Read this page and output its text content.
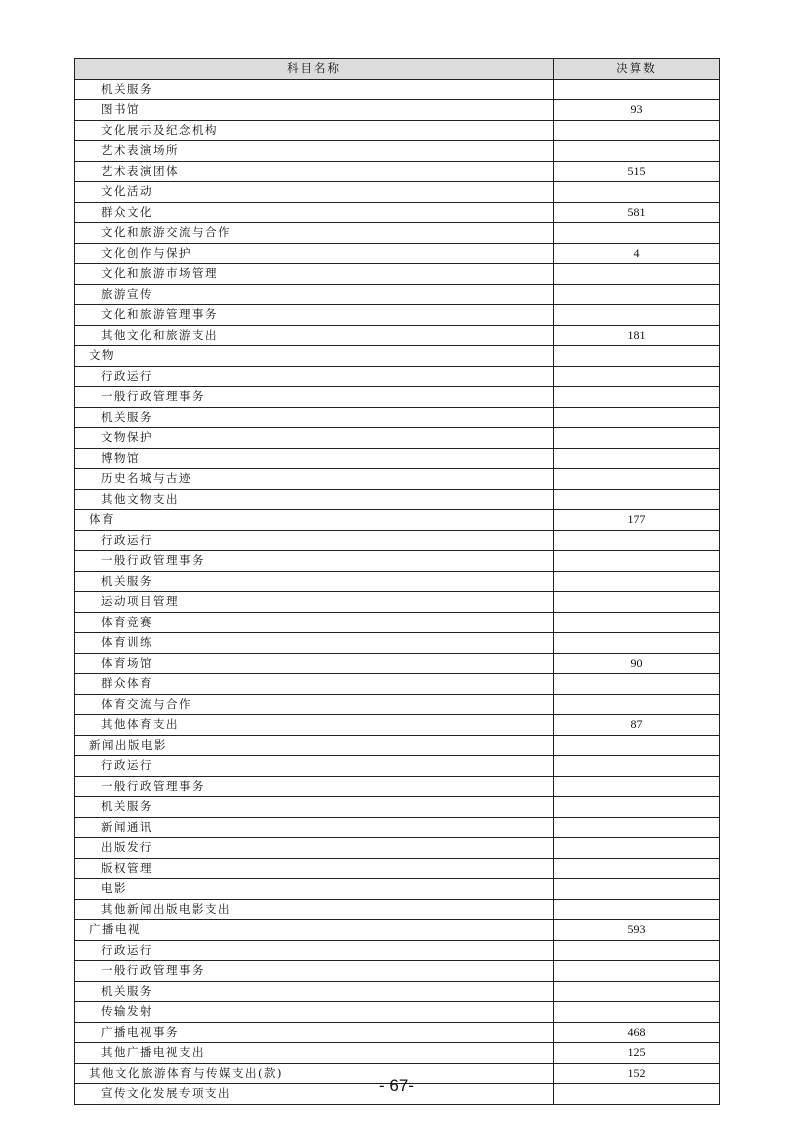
科目名称	决算数
机关服务	
图书馆	93
文化展示及纪念机构	
艺术表演场所	
艺术表演团体	515
文化活动	
群众文化	581
文化和旅游交流与合作	
文化创作与保护	4
文化和旅游市场管理	
旅游宣传	
文化和旅游管理事务	
其他文化和旅游支出	181
文物	
行政运行	
一般行政管理事务	
机关服务	
文物保护	
博物馆	
历史名城与古迹	
其他文物支出	
体育	177
行政运行	
一般行政管理事务	
机关服务	
运动项目管理	
体育竞赛	
体育训练	
体育场馆	90
群众体育	
体育交流与合作	
其他体育支出	87
新闻出版电影	
行政运行	
一般行政管理事务	
机关服务	
新闻通讯	
出版发行	
版权管理	
电影	
其他新闻出版电影支出	
广播电视	593
行政运行	
一般行政管理事务	
机关服务	
传输发射	
广播电视事务	468
其他广播电视支出	125
其他文化旅游体育与传媒支出(款)	152
宣传文化发展专项支出		- 67-
